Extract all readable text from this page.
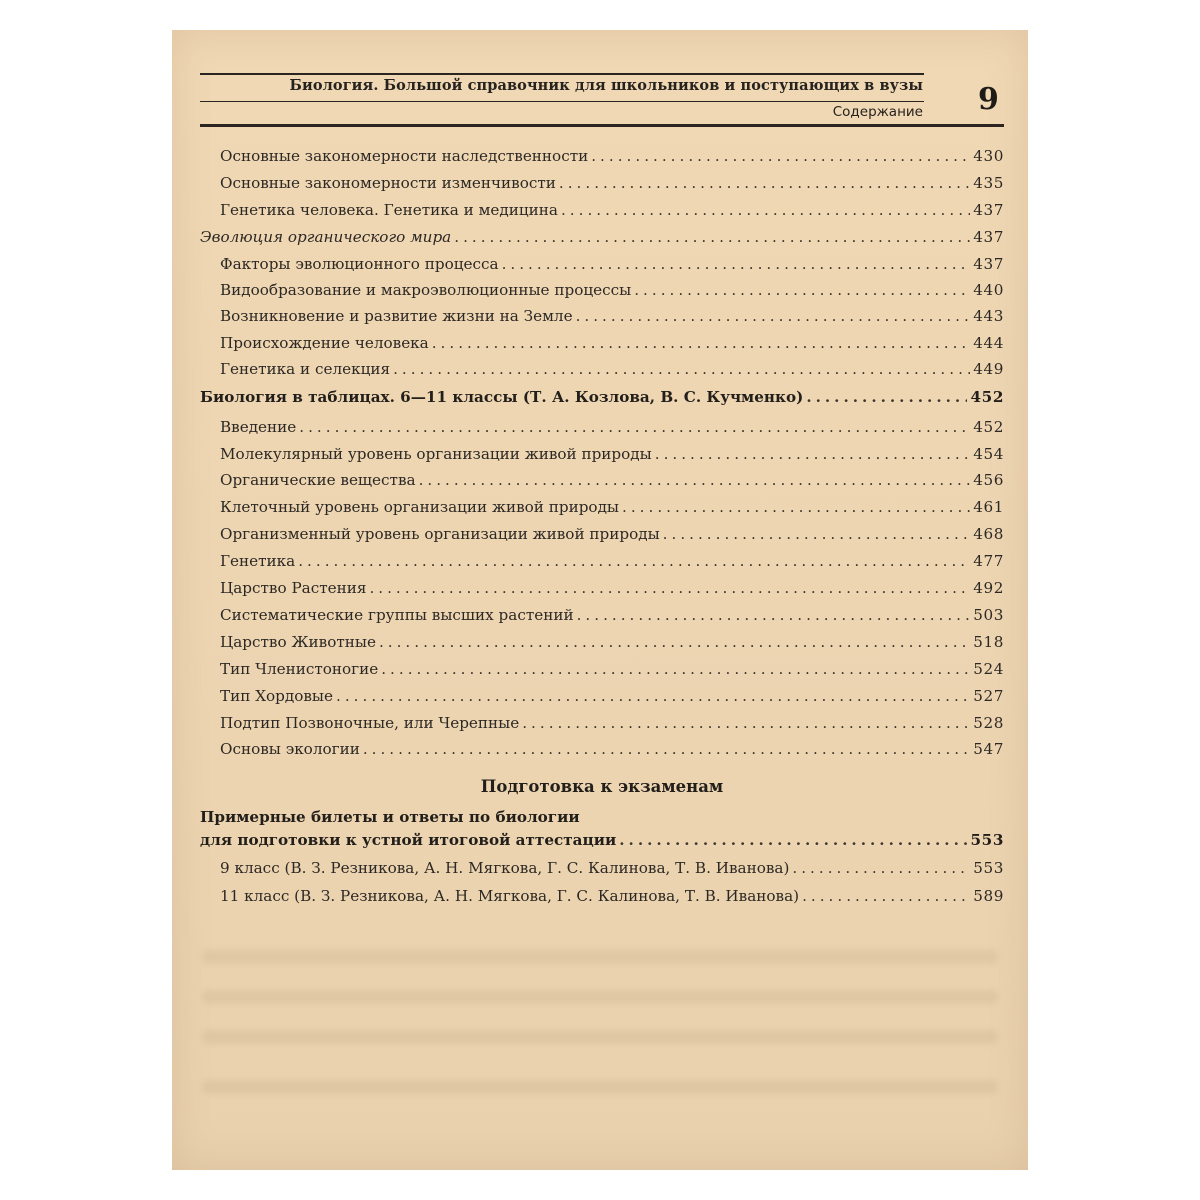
Биология. Большой справочник для школьников и поступающих в вузы
Содержание 9
Основные закономерности наследственности .....	430
Основные закономерности изменчивости .....	435
Генетика человека. Генетика и медицина .....	437
Эволюция органического мира .....	437
Факторы эволюционного процесса .....	437
Видообразование и макроэволюционные процессы .....	440
Возникновение и развитие жизни на Земле .....	443
Происхождение человека .....	444
Генетика и селекция .....	449
Биология в таблицах. 6—11 классы (Т. А. Козлова, В. С. Кучменко) .....	452
Введение .....	452
Молекулярный уровень организации живой природы .....	454
Органические вещества .....	456
Клеточный уровень организации живой природы .....	461
Организменный уровень организации живой природы .....	468
Генетика .....	477
Царство Растения .....	492
Систематические группы высших растений .....	503
Царство Животные .....	518
Тип Членистоногие .....	524
Тип Хордовые .....	527
Подтип Позвоночные, или Черепные .....	528
Основы экологии .....	547
Подготовка к экзаменам
Примерные билеты и ответы по биологии
для подготовки к устной итоговой аттестации .....	553
9 класс (В. З. Резникова, А. Н. Мягкова, Г. С. Калинова, Т. В. Иванова) .....	553
11 класс (В. З. Резникова, А. Н. Мягкова, Г. С. Калинова, Т. В. Иванова) .....	589
